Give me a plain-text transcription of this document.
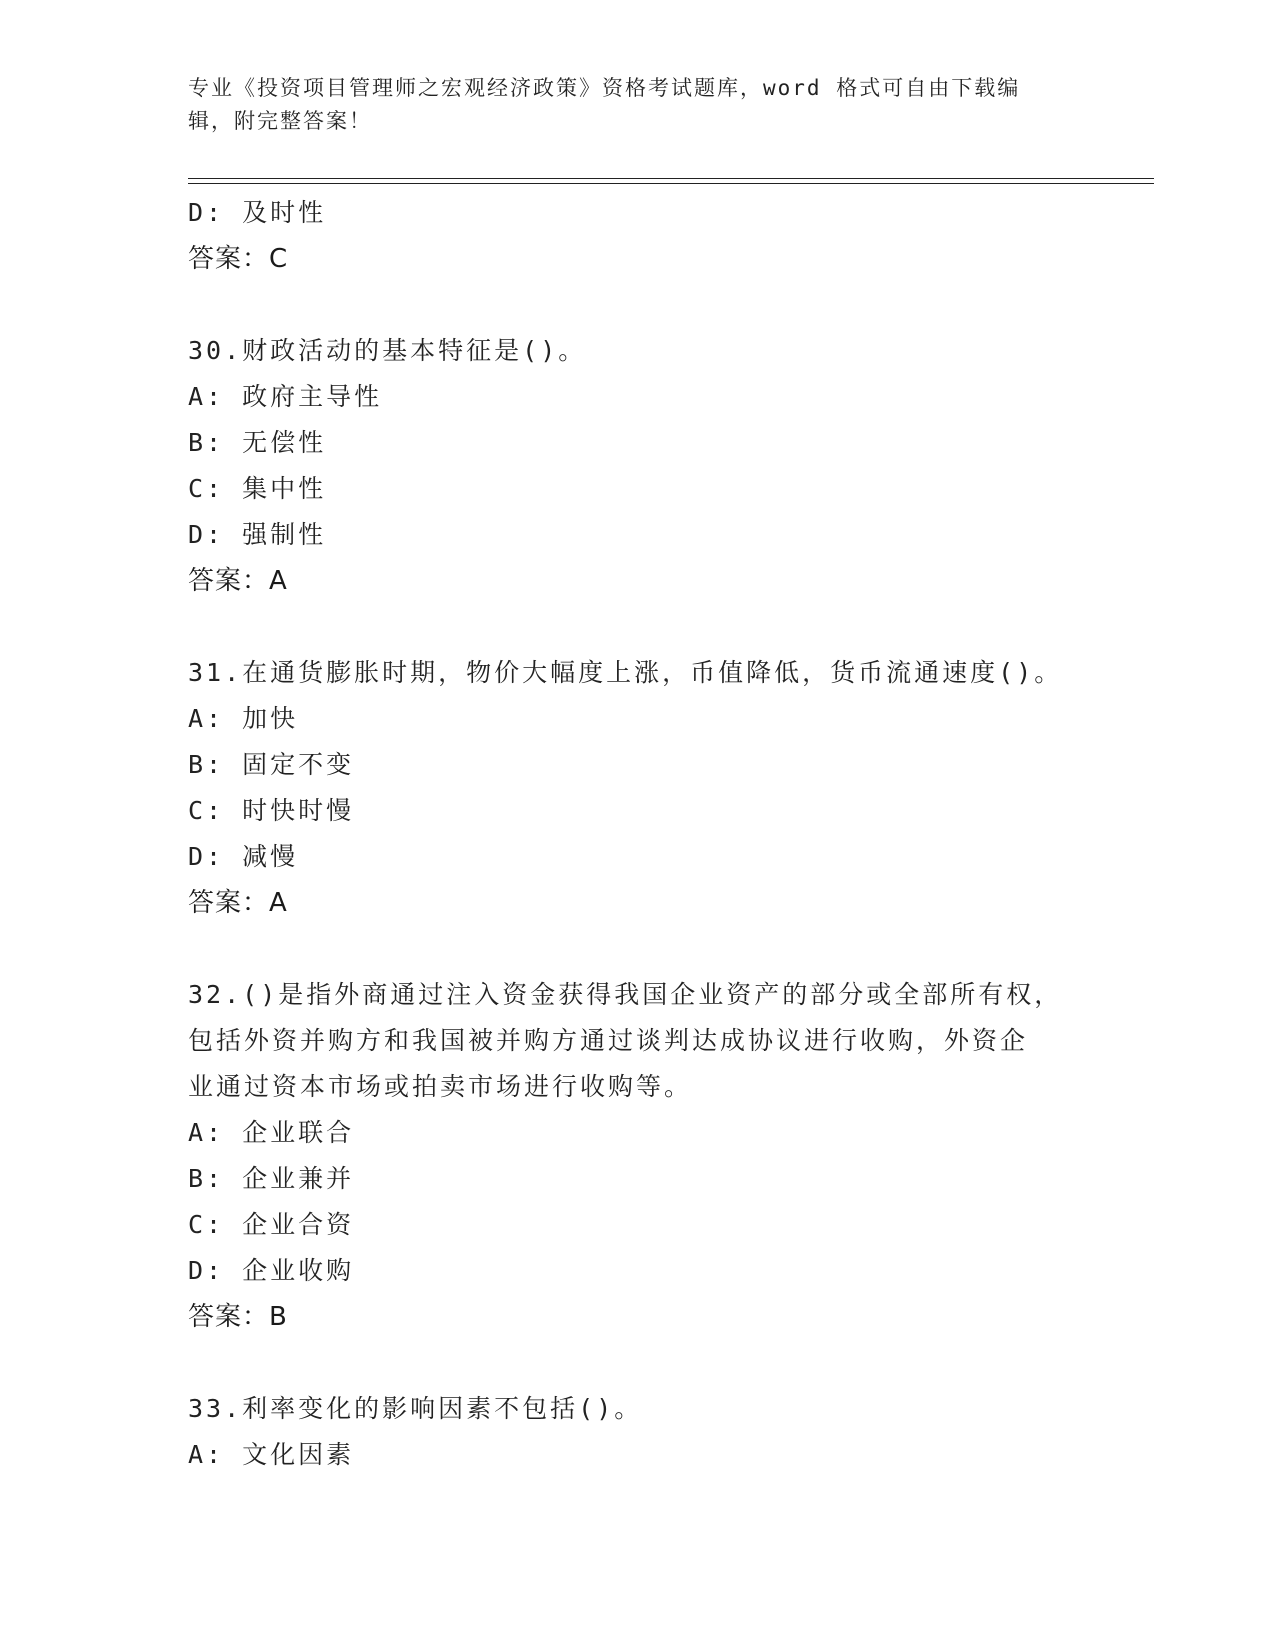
专业《投资项目管理师之宏观经济政策》资格考试题库，word 格式可自由下载编
辑，附完整答案！
D: 及时性
答案：C
30.财政活动的基本特征是()。
A: 政府主导性
B: 无偿性
C: 集中性
D: 强制性
答案：A
31.在通货膨胀时期，物价大幅度上涨，币值降低，货币流通速度()。
A: 加快
B: 固定不变
C: 时快时慢
D: 减慢
答案：A
32.()是指外商通过注入资金获得我国企业资产的部分或全部所有权，
包括外资并购方和我国被并购方通过谈判达成协议进行收购，外资企
业通过资本市场或拍卖市场进行收购等。
A: 企业联合
B: 企业兼并
C: 企业合资
D: 企业收购
答案：B
33.利率变化的影响因素不包括()。
A: 文化因素
